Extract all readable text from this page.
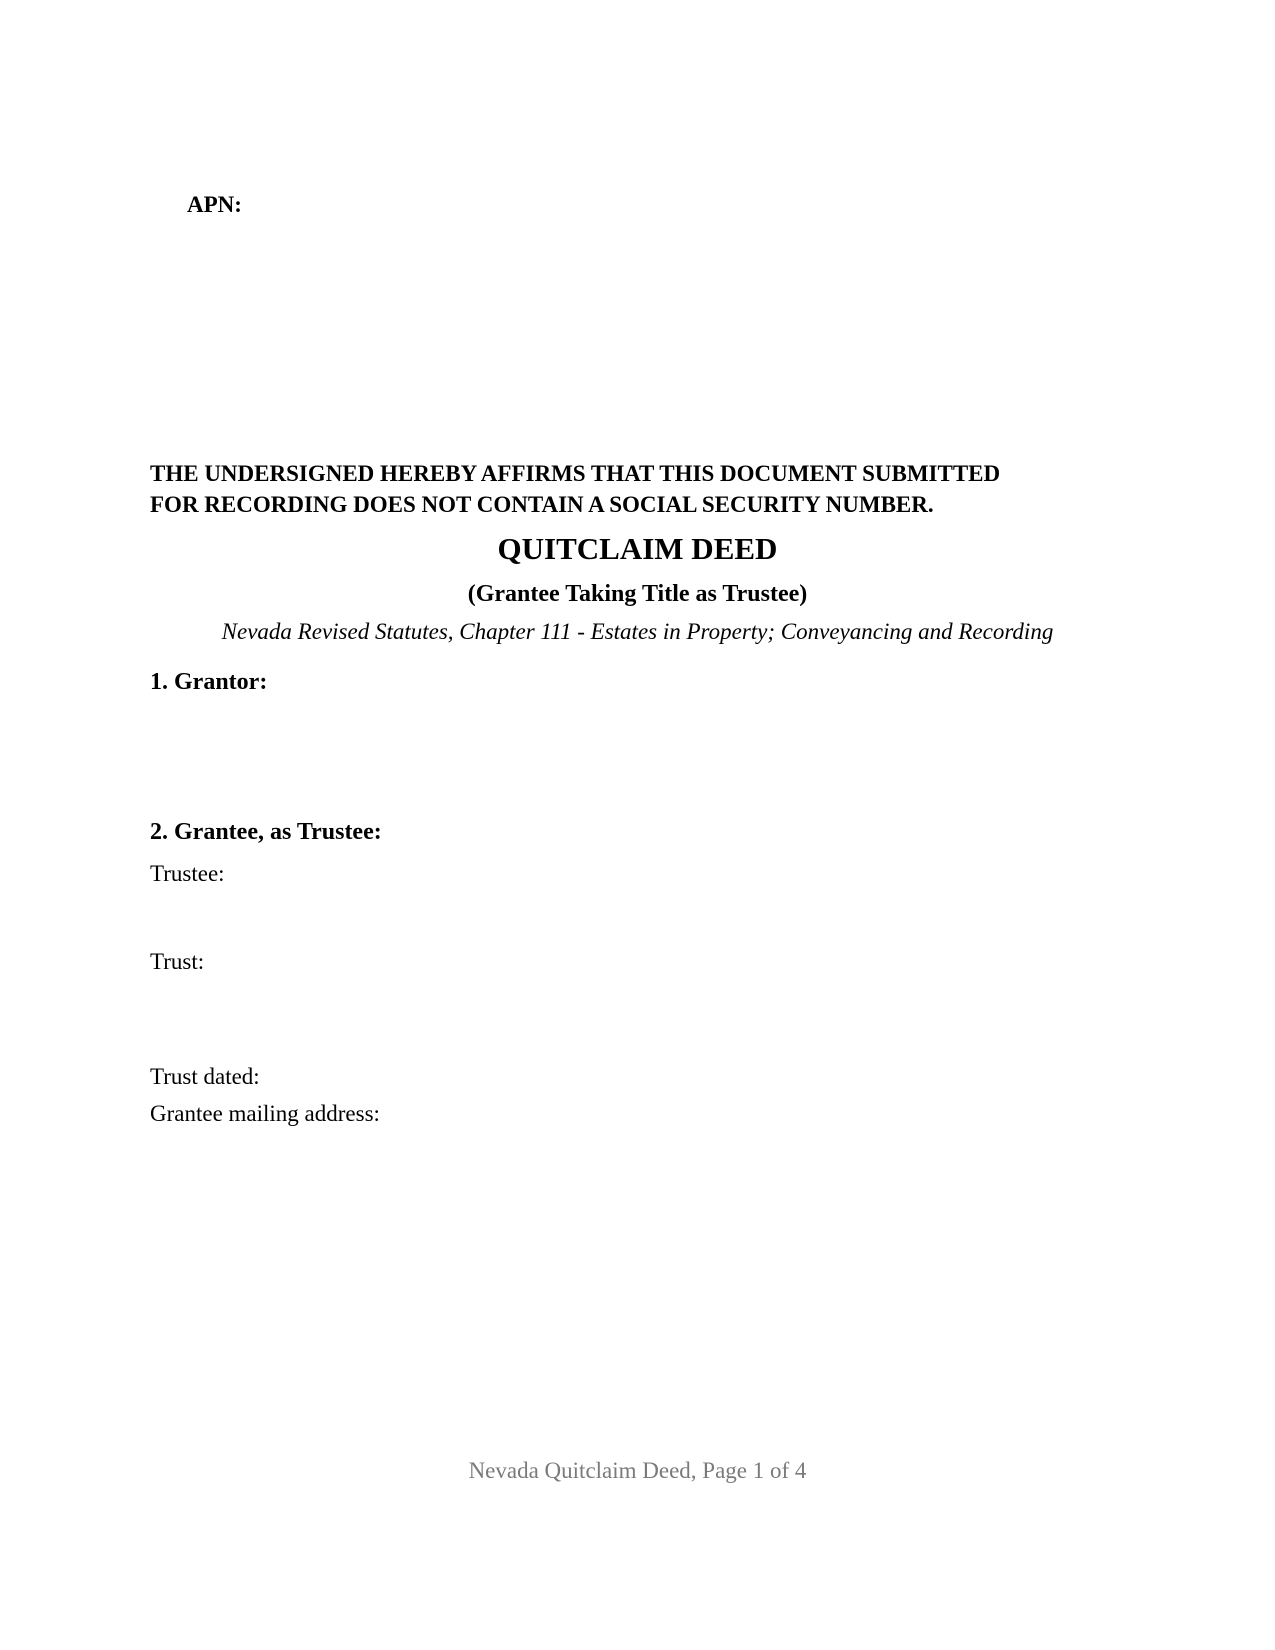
APN:

THE UNDERSIGNED HEREBY AFFIRMS THAT THIS DOCUMENT SUBMITTED
FOR RECORDING DOES NOT CONTAIN A SOCIAL SECURITY NUMBER.
QUITCLAIM DEED
(Grantee Taking Title as Trustee)

Nevada Revised Statutes, Chapter 111 - Estates in Property; Conveyancing and Recording

1. Grantor:
2. Grantee, as Trustee:

Trustee:

Trust:

Trust dated:

Grantee mailing address:

Nevada Quitclaim Deed, Page 1 of 4
